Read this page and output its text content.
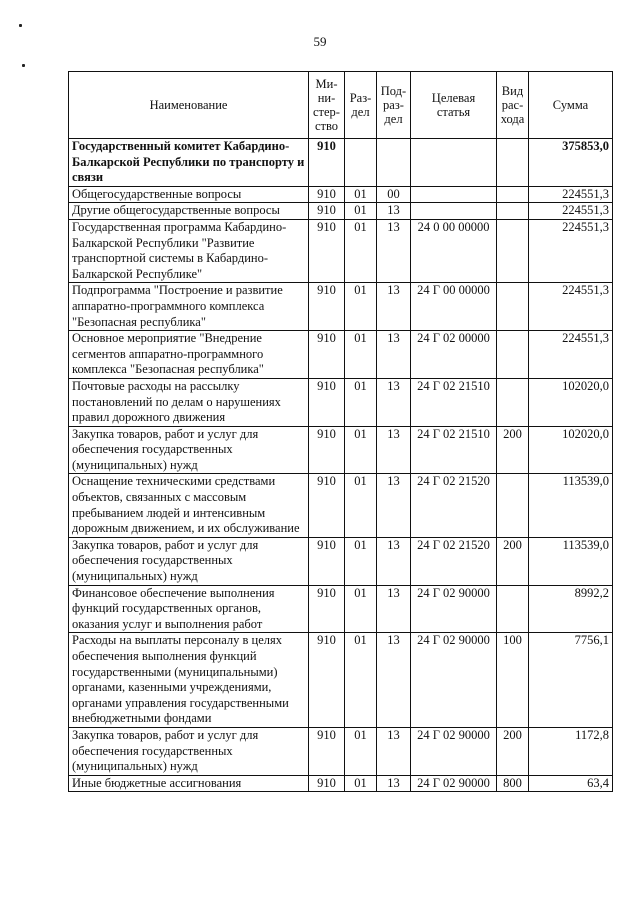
59
Наименование	Ми-
ни-
стер-
ство	Раз-
дел	Под-
раз-
дел	Целевая
статья	Вид
рас-
хода	Сумма
Государственный комитет Кабардино-Балкарской Республики по транспорту и связи	910					375853,0
Общегосударственные вопросы	910	01	00			224551,3
Другие общегосударственные вопросы	910	01	13			224551,3
Государственная программа Кабардино-Балкарской Республики "Развитие транспортной системы в Кабардино-Балкарской Республике"	910	01	13	24 0 00 00000		224551,3
Подпрограмма "Построение и развитие аппаратно-программного комплекса "Безопасная республика"	910	01	13	24 Г 00 00000		224551,3
Основное мероприятие "Внедрение сегментов аппаратно-программного комплекса "Безопасная республика"	910	01	13	24 Г 02 00000		224551,3
Почтовые расходы на рассылку постановлений по делам о нарушениях правил дорожного движения	910	01	13	24 Г 02 21510		102020,0
Закупка товаров, работ и услуг для обеспечения государственных (муниципальных) нужд	910	01	13	24 Г 02 21510	200	102020,0
Оснащение техническими средствами объектов, связанных с массовым пребыванием людей и интенсивным дорожным движением, и их обслуживание	910	01	13	24 Г 02 21520		113539,0
Закупка товаров, работ и услуг для обеспечения государственных (муниципальных) нужд	910	01	13	24 Г 02 21520	200	113539,0
Финансовое обеспечение выполнения функций государственных органов, оказания услуг и выполнения работ	910	01	13	24 Г 02 90000		8992,2
Расходы на выплаты персоналу в целях обеспечения выполнения функций государственными (муниципальными) органами, казенными учреждениями, органами управления государственными внебюджетными фондами	910	01	13	24 Г 02 90000	100	7756,1
Закупка товаров, работ и услуг для обеспечения государственных (муниципальных) нужд	910	01	13	24 Г 02 90000	200	1172,8
Иные бюджетные ассигнования	910	01	13	24 Г 02 90000	800	63,4
